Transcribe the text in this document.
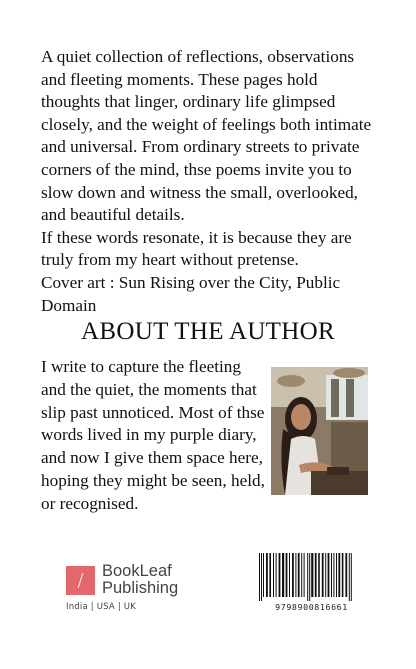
A quiet collection of reflections, observations and fleeting moments. These pages hold thoughts that linger, ordinary life glimpsed closely, and the weight of feelings both intimate and universal. From ordinary streets to private corners of the mind, thse poems invite you to slow down and witness the small, overlooked, and beautiful details.

If these words resonate, it is because they are truly from my heart without pretense.

Cover art : Sun Rising over the City, Public Domain

ABOUT THE AUTHOR

I write to capture the fleeting and the quiet, the moments that slip past unnoticed. Most of thse words lived in my purple diary, and now I give them space here, hoping they might be seen, held, or recognised.

/	BookLeaf
Publishing
India | USA | UK	9798900816661
